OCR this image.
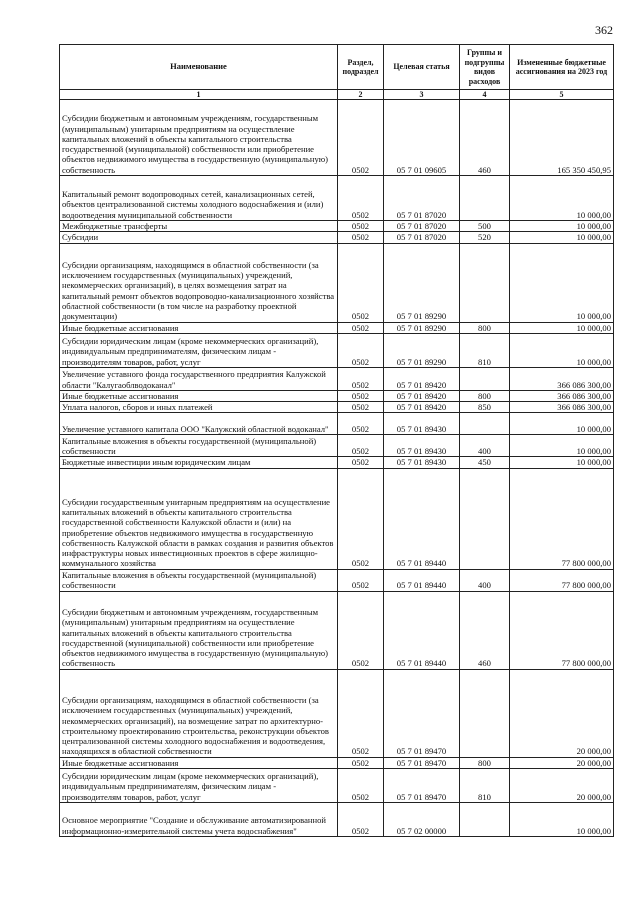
362
Наименование	Раздел, подраздел	Целевая статья	Группы и подгруппы видов расходов	Измененные бюджетные ассигнования на 2023 год
1	2	3	4	5
Субсидии бюджетным и автономным учреждениям, государственным (муниципальным) унитарным предприятиям на осуществление капитальных вложений в объекты капитального строительства государственной (муниципальной) собственности или приобретение объектов недвижимого имущества в государственную (муниципальную) собственность	0502	05 7 01 09605	460	165 350 450,95
Капитальный ремонт водопроводных сетей, канализационных сетей, объектов централизованной системы холодного водоснабжения и (или) водоотведения муниципальной собственности	0502	05 7 01 87020		10 000,00
Межбюджетные трансферты	0502	05 7 01 87020	500	10 000,00
Субсидии	0502	05 7 01 87020	520	10 000,00
Субсидии организациям, находящимся в областной собственности (за исключением государственных (муниципальных) учреждений, некоммерческих организаций), в целях возмещения затрат на капитальный ремонт объектов водопроводно-канализационного хозяйства областной собственности (в том числе на разработку проектной документации)	0502	05 7 01 89290		10 000,00
Иные бюджетные ассигнования	0502	05 7 01 89290	800	10 000,00
Субсидии юридическим лицам (кроме некоммерческих организаций), индивидуальным предпринимателям, физическим лицам - производителям товаров, работ, услуг	0502	05 7 01 89290	810	10 000,00
Увеличение уставного фонда государственного предприятия Калужской области "Калугаоблводоканал"	0502	05 7 01 89420		366 086 300,00
Иные бюджетные ассигнования	0502	05 7 01 89420	800	366 086 300,00
Уплата налогов, сборов и иных платежей	0502	05 7 01 89420	850	366 086 300,00
Увеличение уставного капитала ООО "Калужский областной водоканал"	0502	05 7 01 89430		10 000,00
Капитальные вложения в объекты государственной (муниципальной) собственности	0502	05 7 01 89430	400	10 000,00
Бюджетные инвестиции иным юридическим лицам	0502	05 7 01 89430	450	10 000,00
Субсидии государственным унитарным предприятиям на осуществление капитальных вложений в объекты капитального строительства государственной собственности Калужской области и (или) на приобретение объектов недвижимого имущества в государственную собственность Калужской области в рамках создания и развития объектов инфраструктуры новых инвестиционных проектов в сфере жилищно-коммунального хозяйства	0502	05 7 01 89440		77 800 000,00
Капитальные вложения в объекты государственной (муниципальной) собственности	0502	05 7 01 89440	400	77 800 000,00
Субсидии бюджетным и автономным учреждениям, государственным (муниципальным) унитарным предприятиям на осуществление капитальных вложений в объекты капитального строительства государственной (муниципальной) собственности или приобретение объектов недвижимого имущества в государственную (муниципальную) собственность	0502	05 7 01 89440	460	77 800 000,00
Субсидии организациям, находящимся в областной собственности (за исключением государственных (муниципальных) учреждений, некоммерческих организаций), на возмещение затрат по архитектурно-строительному проектированию строительства, реконструкции объектов централизованной системы холодного водоснабжения и водоотведения, находящихся в областной собственности	0502	05 7 01 89470		20 000,00
Иные бюджетные ассигнования	0502	05 7 01 89470	800	20 000,00
Субсидии юридическим лицам (кроме некоммерческих организаций), индивидуальным предпринимателям, физическим лицам - производителям товаров, работ, услуг	0502	05 7 01 89470	810	20 000,00
Основное мероприятие "Создание и обслуживание автоматизированной информационно-измерительной системы учета водоснабжения"	0502	05 7 02 00000		10 000,00
